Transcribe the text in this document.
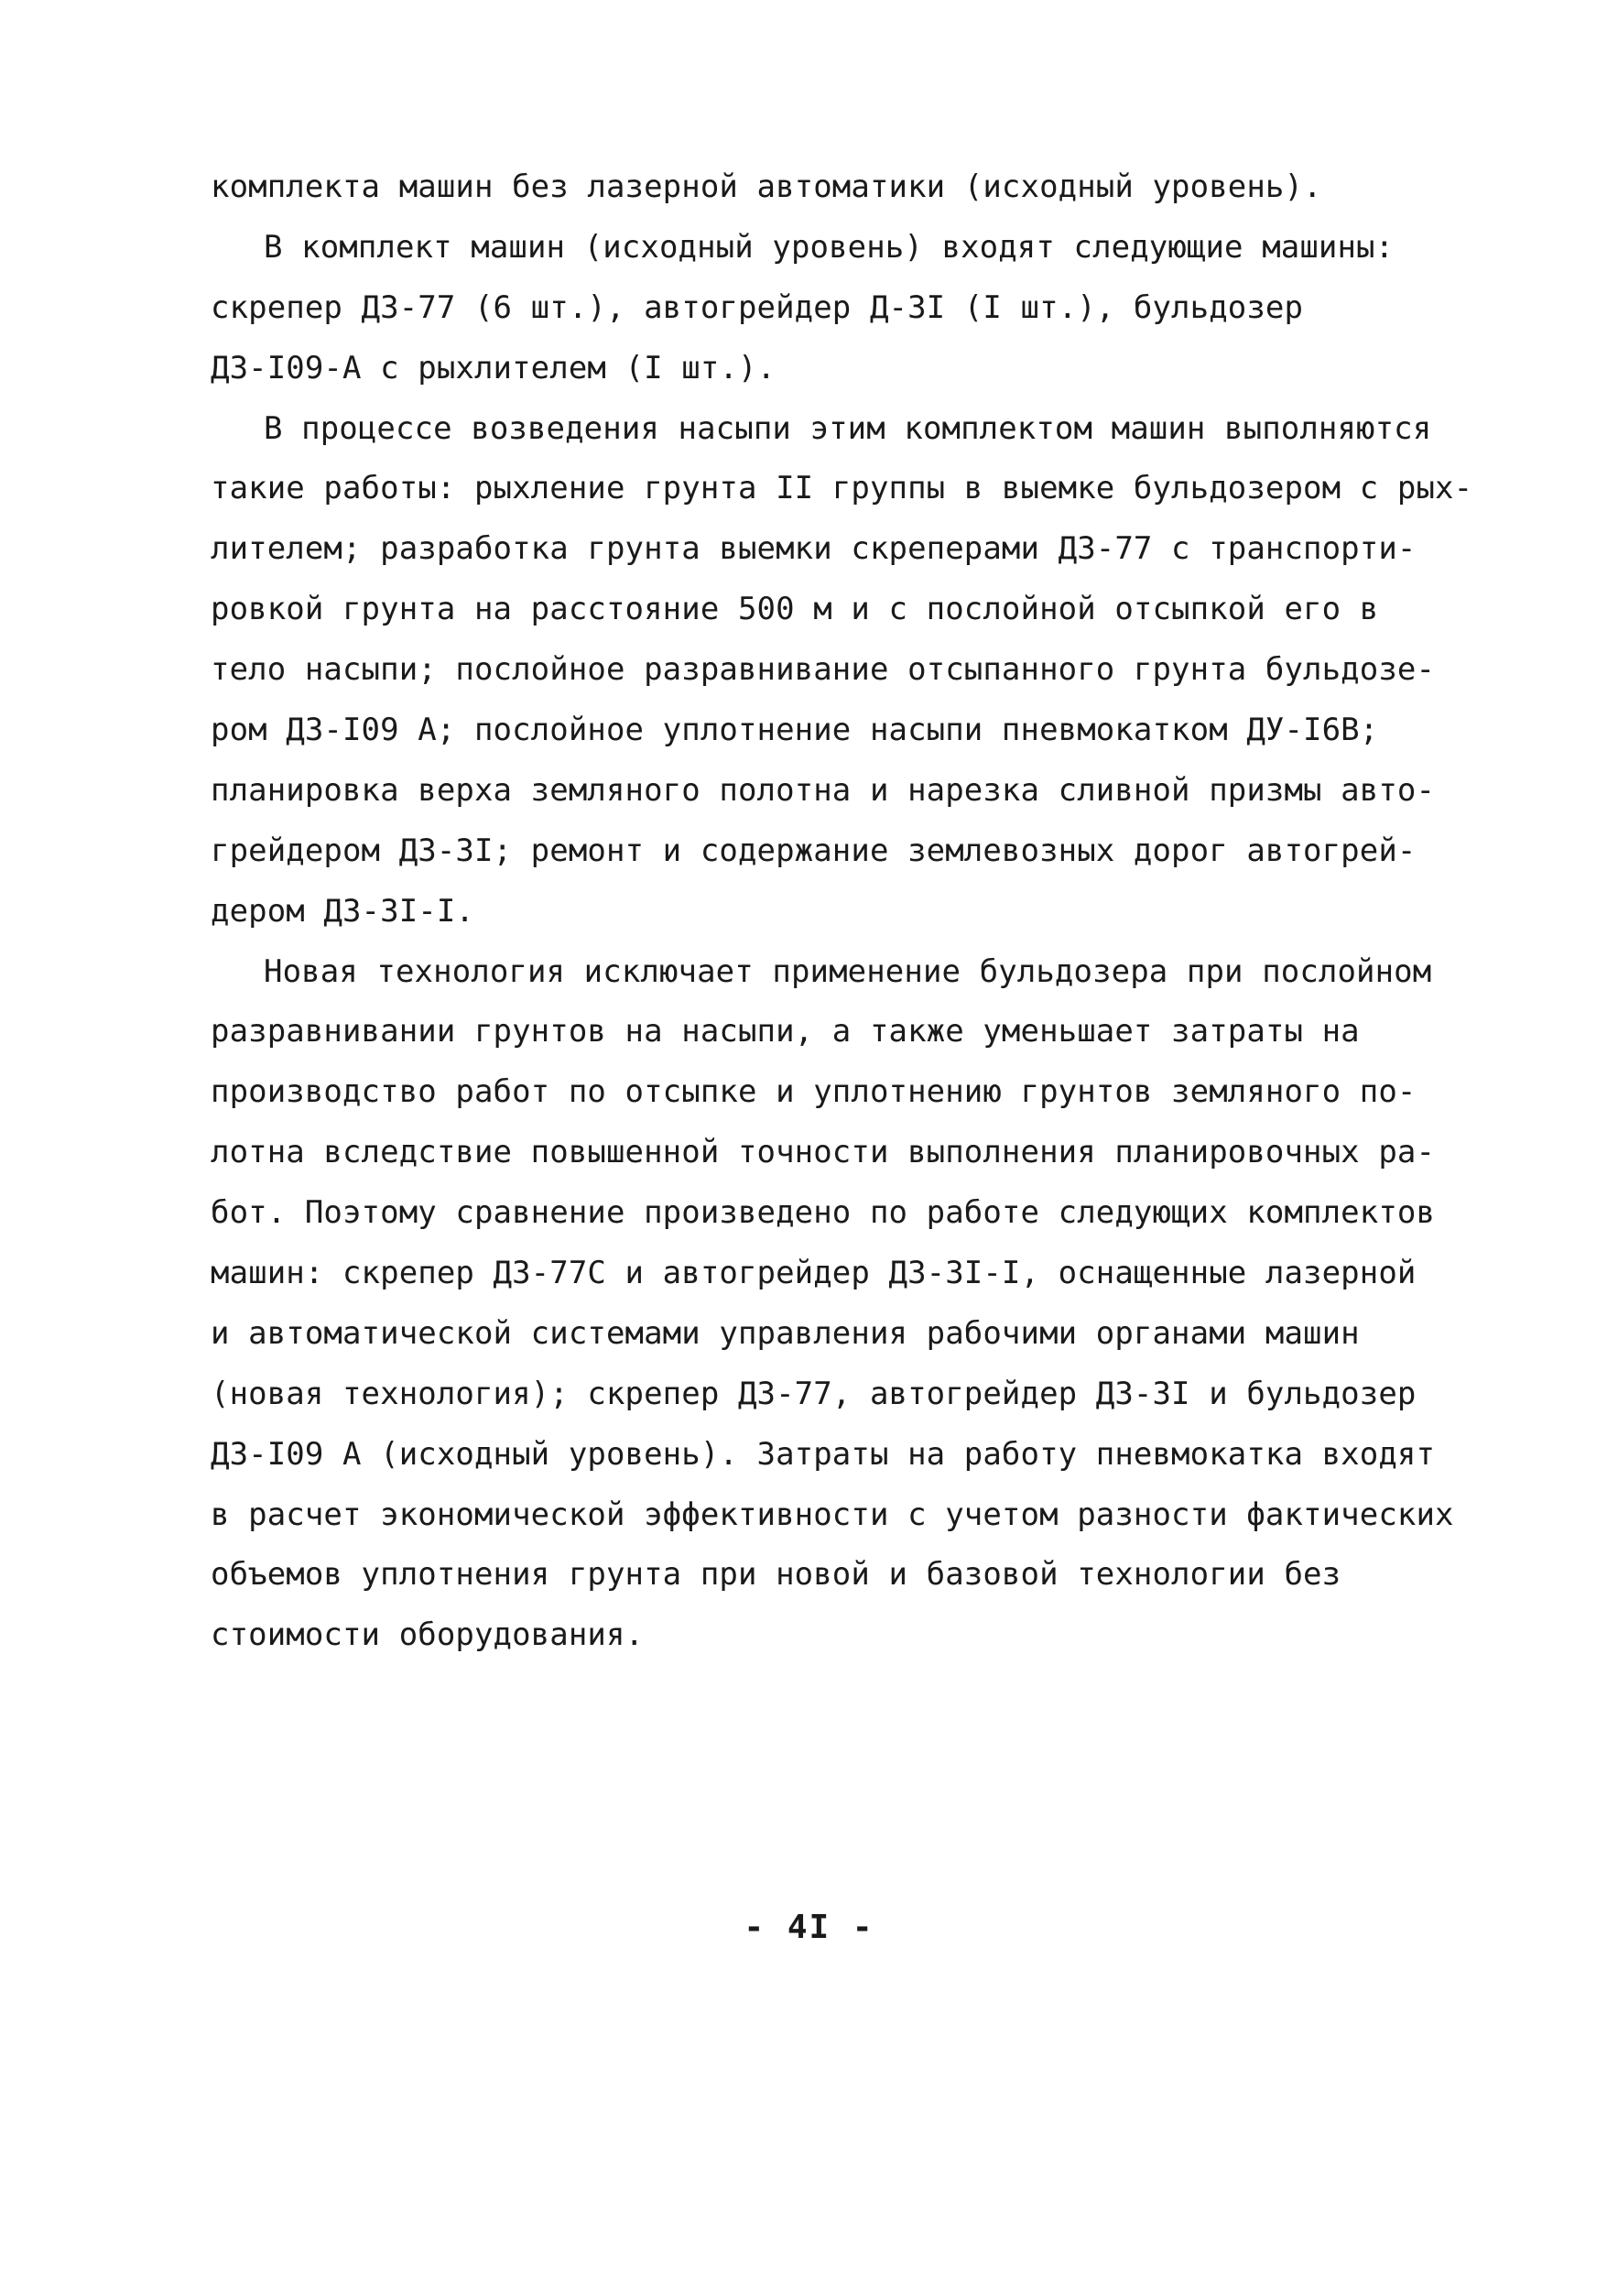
комплекта машин без лазерной автоматики (исходный уровень).
В комплект машин (исходный уровень) входят следующие машины:
скрепер ДЗ-77 (6 шт.), автогрейдер Д-3I (I шт.), бульдозер
ДЗ-I09-А с рыхлителем (I шт.).
В процессе возведения насыпи этим комплектом машин выполняются
такие работы: рыхление грунта II группы в выемке бульдозером с рых-
лителем; разработка грунта выемки скреперами ДЗ-77 с транспорти-
ровкой грунта на расстояние 500 м и с послойной отсыпкой его в
тело насыпи; послойное разравнивание отсыпанного грунта бульдозе-
ром ДЗ-I09 А; послойное уплотнение насыпи пневмокатком ДУ-I6В;
планировка верха земляного полотна и нарезка сливной призмы авто-
грейдером ДЗ-3I; ремонт и содержание землевозных дорог автогрей-
дером ДЗ-3I-I.
Новая технология исключает применение бульдозера при послойном
разравнивании грунтов на насыпи, а также уменьшает затраты на
производство работ по отсыпке и уплотнению грунтов земляного по-
лотна вследствие повышенной точности выполнения планировочных ра-
бот. Поэтому сравнение произведено по работе следующих комплектов
машин: скрепер ДЗ-77С и автогрейдер ДЗ-3I-I, оснащенные лазерной
и автоматической системами управления рабочими органами машин
(новая технология); скрепер ДЗ-77, автогрейдер ДЗ-3I и бульдозер
ДЗ-I09 А (исходный уровень). Затраты на работу пневмокатка входят
в расчет экономической эффективности с учетом разности фактических
объемов уплотнения грунта при новой и базовой технологии без
стоимости оборудования.
- 4I -
